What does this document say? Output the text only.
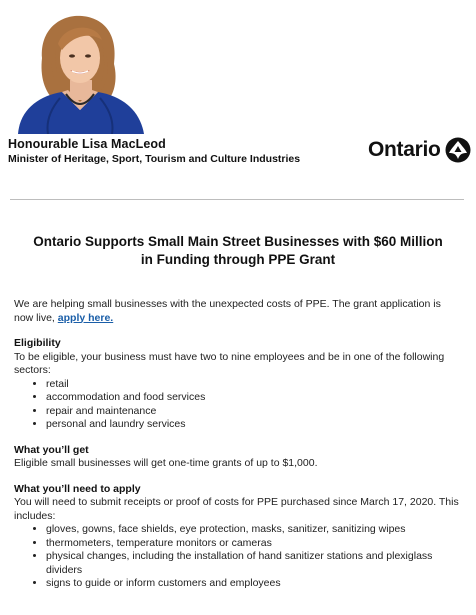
Honourable Lisa MacLeod
Minister of Heritage, Sport, Tourism and Culture Industries	Ontario
Ontario Supports Small Main Street Businesses with $60 Million
in Funding through PPE Grant

We are helping small businesses with the unexpected costs of PPE. The grant application is now live, apply here.

Eligibility

To be eligible, your business must have two to nine employees and be in one of the following sectors:

• retail
• accommodation and food services
• repair and maintenance
• personal and laundry services
What you’ll get

Eligible small businesses will get one-time grants of up to $1,000.

What you’ll need to apply

You will need to submit receipts or proof of costs for PPE purchased since March 17, 2020. This includes:

• gloves, gowns, face shields, eye protection, masks, sanitizer, sanitizing wipes
• thermometers, temperature monitors or cameras
• physical changes, including the installation of hand sanitizer stations and plexiglass dividers
• signs to guide or inform customers and employees
